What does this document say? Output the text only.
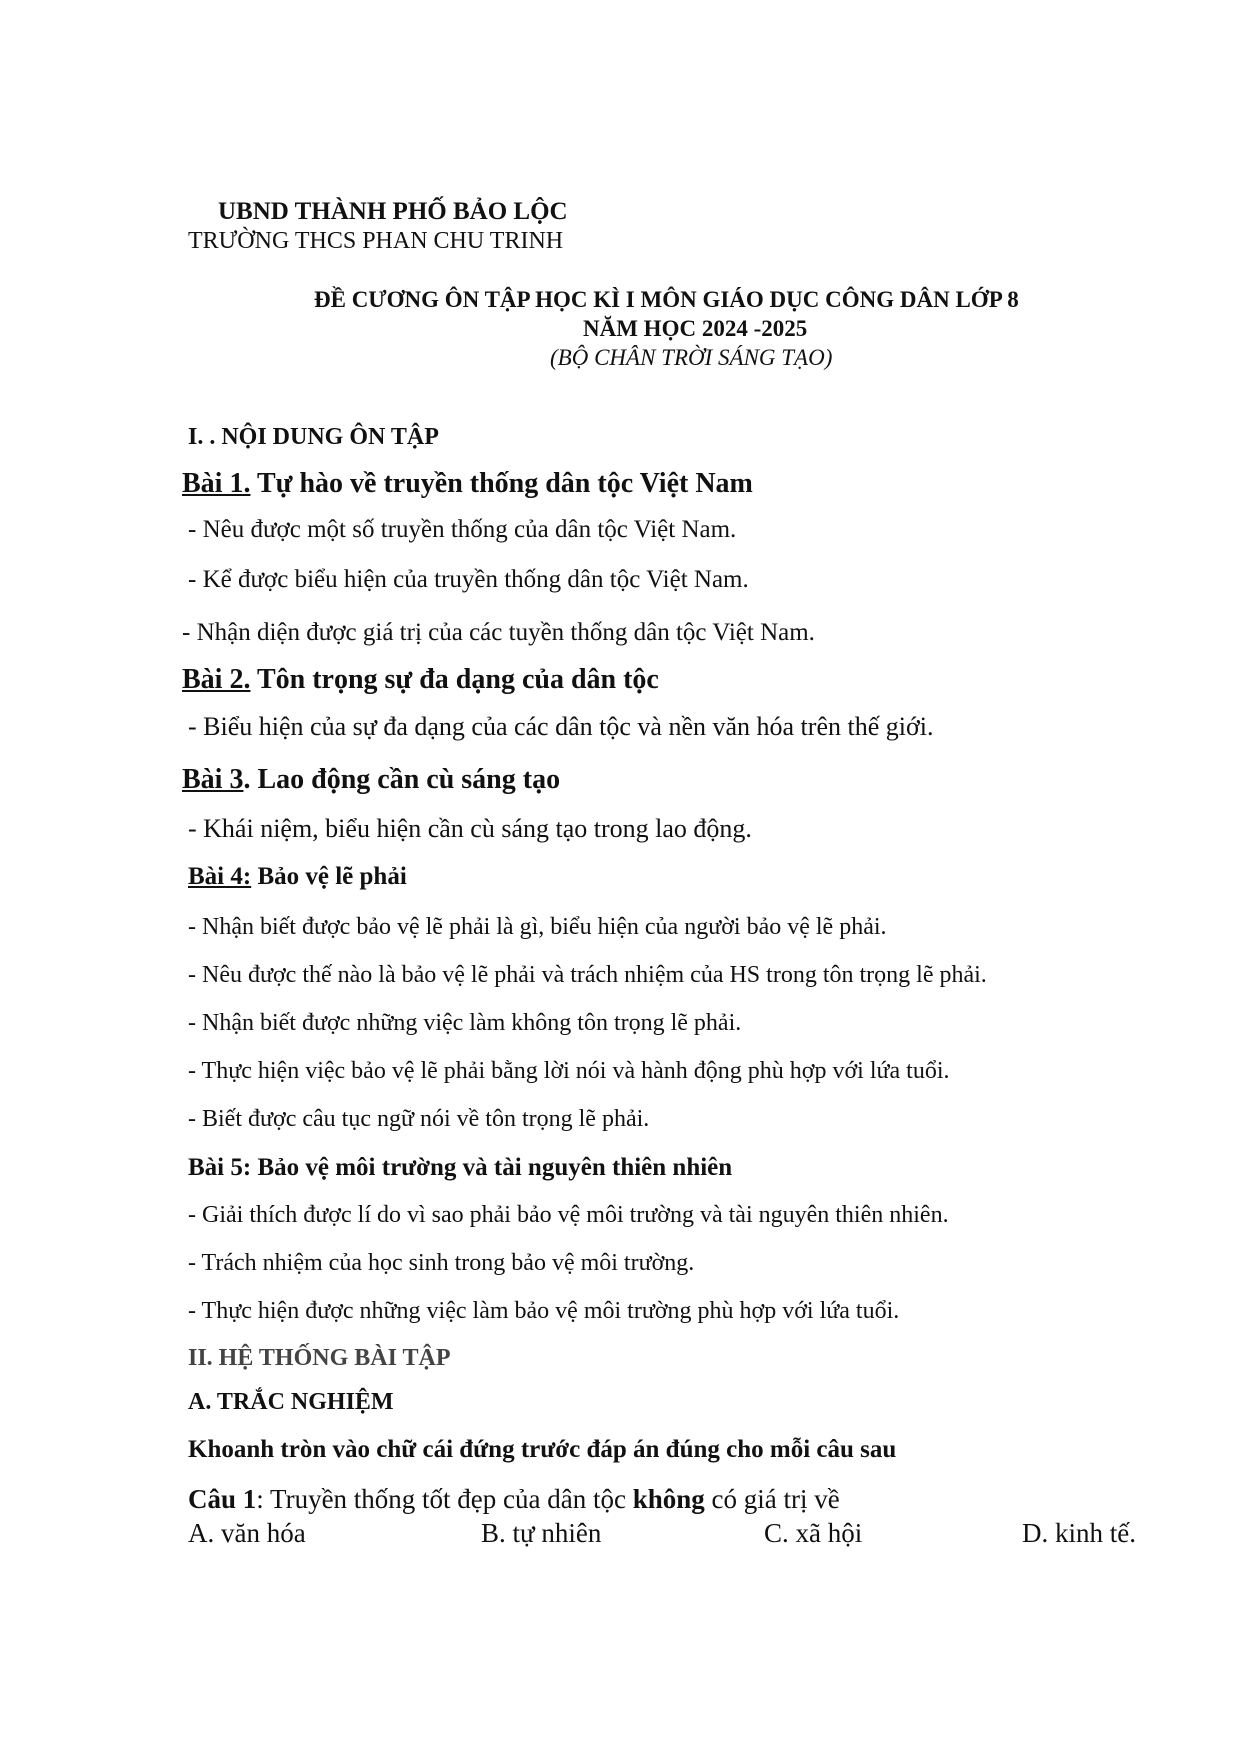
UBND THÀNH PHỐ BẢO LỘC
TRƯỜNG THCS PHAN CHU TRINH
ĐỀ CƯƠNG ÔN TẬP HỌC KÌ I MÔN GIÁO DỤC CÔNG DÂN LỚP 8
NĂM HỌC 2024 -2025
(BỘ CHÂN TRỜI SÁNG TẠO)
I. . NỘI DUNG ÔN TẬP
Bài 1. Tự hào về truyền thống dân tộc Việt Nam
- Nêu được một số truyền thống của dân tộc Việt Nam.
- Kể được biểu hiện của truyền thống dân tộc Việt Nam.
- Nhận diện được giá trị của các tuyền thống dân tộc Việt Nam.
Bài 2. Tôn trọng sự đa dạng của dân tộc
- Biểu hiện của sự đa dạng của các dân tộc và nền văn hóa trên thế giới.
Bài 3. Lao động cần cù sáng tạo
- Khái niệm, biểu hiện cần cù sáng tạo trong lao động.
Bài 4: Bảo vệ lẽ phải
- Nhận biết được bảo vệ lẽ phải là gì, biểu hiện của người bảo vệ lẽ phải.
- Nêu được thế nào là bảo vệ lẽ phải và trách nhiệm của HS trong tôn trọng lẽ phải.
- Nhận biết được những việc làm không tôn trọng lẽ phải.
- Thực hiện việc bảo vệ lẽ phải bằng lời nói và hành động phù hợp với lứa tuổi.
- Biết được câu tục ngữ nói về tôn trọng lẽ phải.
Bài 5: Bảo vệ môi trường và tài nguyên thiên nhiên
- Giải thích được lí do vì sao phải bảo vệ môi trường và tài nguyên thiên nhiên.
- Trách nhiệm của học sinh trong bảo vệ môi trường.
- Thực hiện được những việc làm bảo vệ môi trường phù hợp với lứa tuổi.
II. HỆ THỐNG BÀI TẬP
A. TRẮC NGHIỆM
Khoanh tròn vào chữ cái đứng trước đáp án đúng cho mỗi câu sau
Câu 1: Truyền thống tốt đẹp của dân tộc không có giá trị về
A. văn hóa	B. tự nhiên	C. xã hội	D. kinh tế.
